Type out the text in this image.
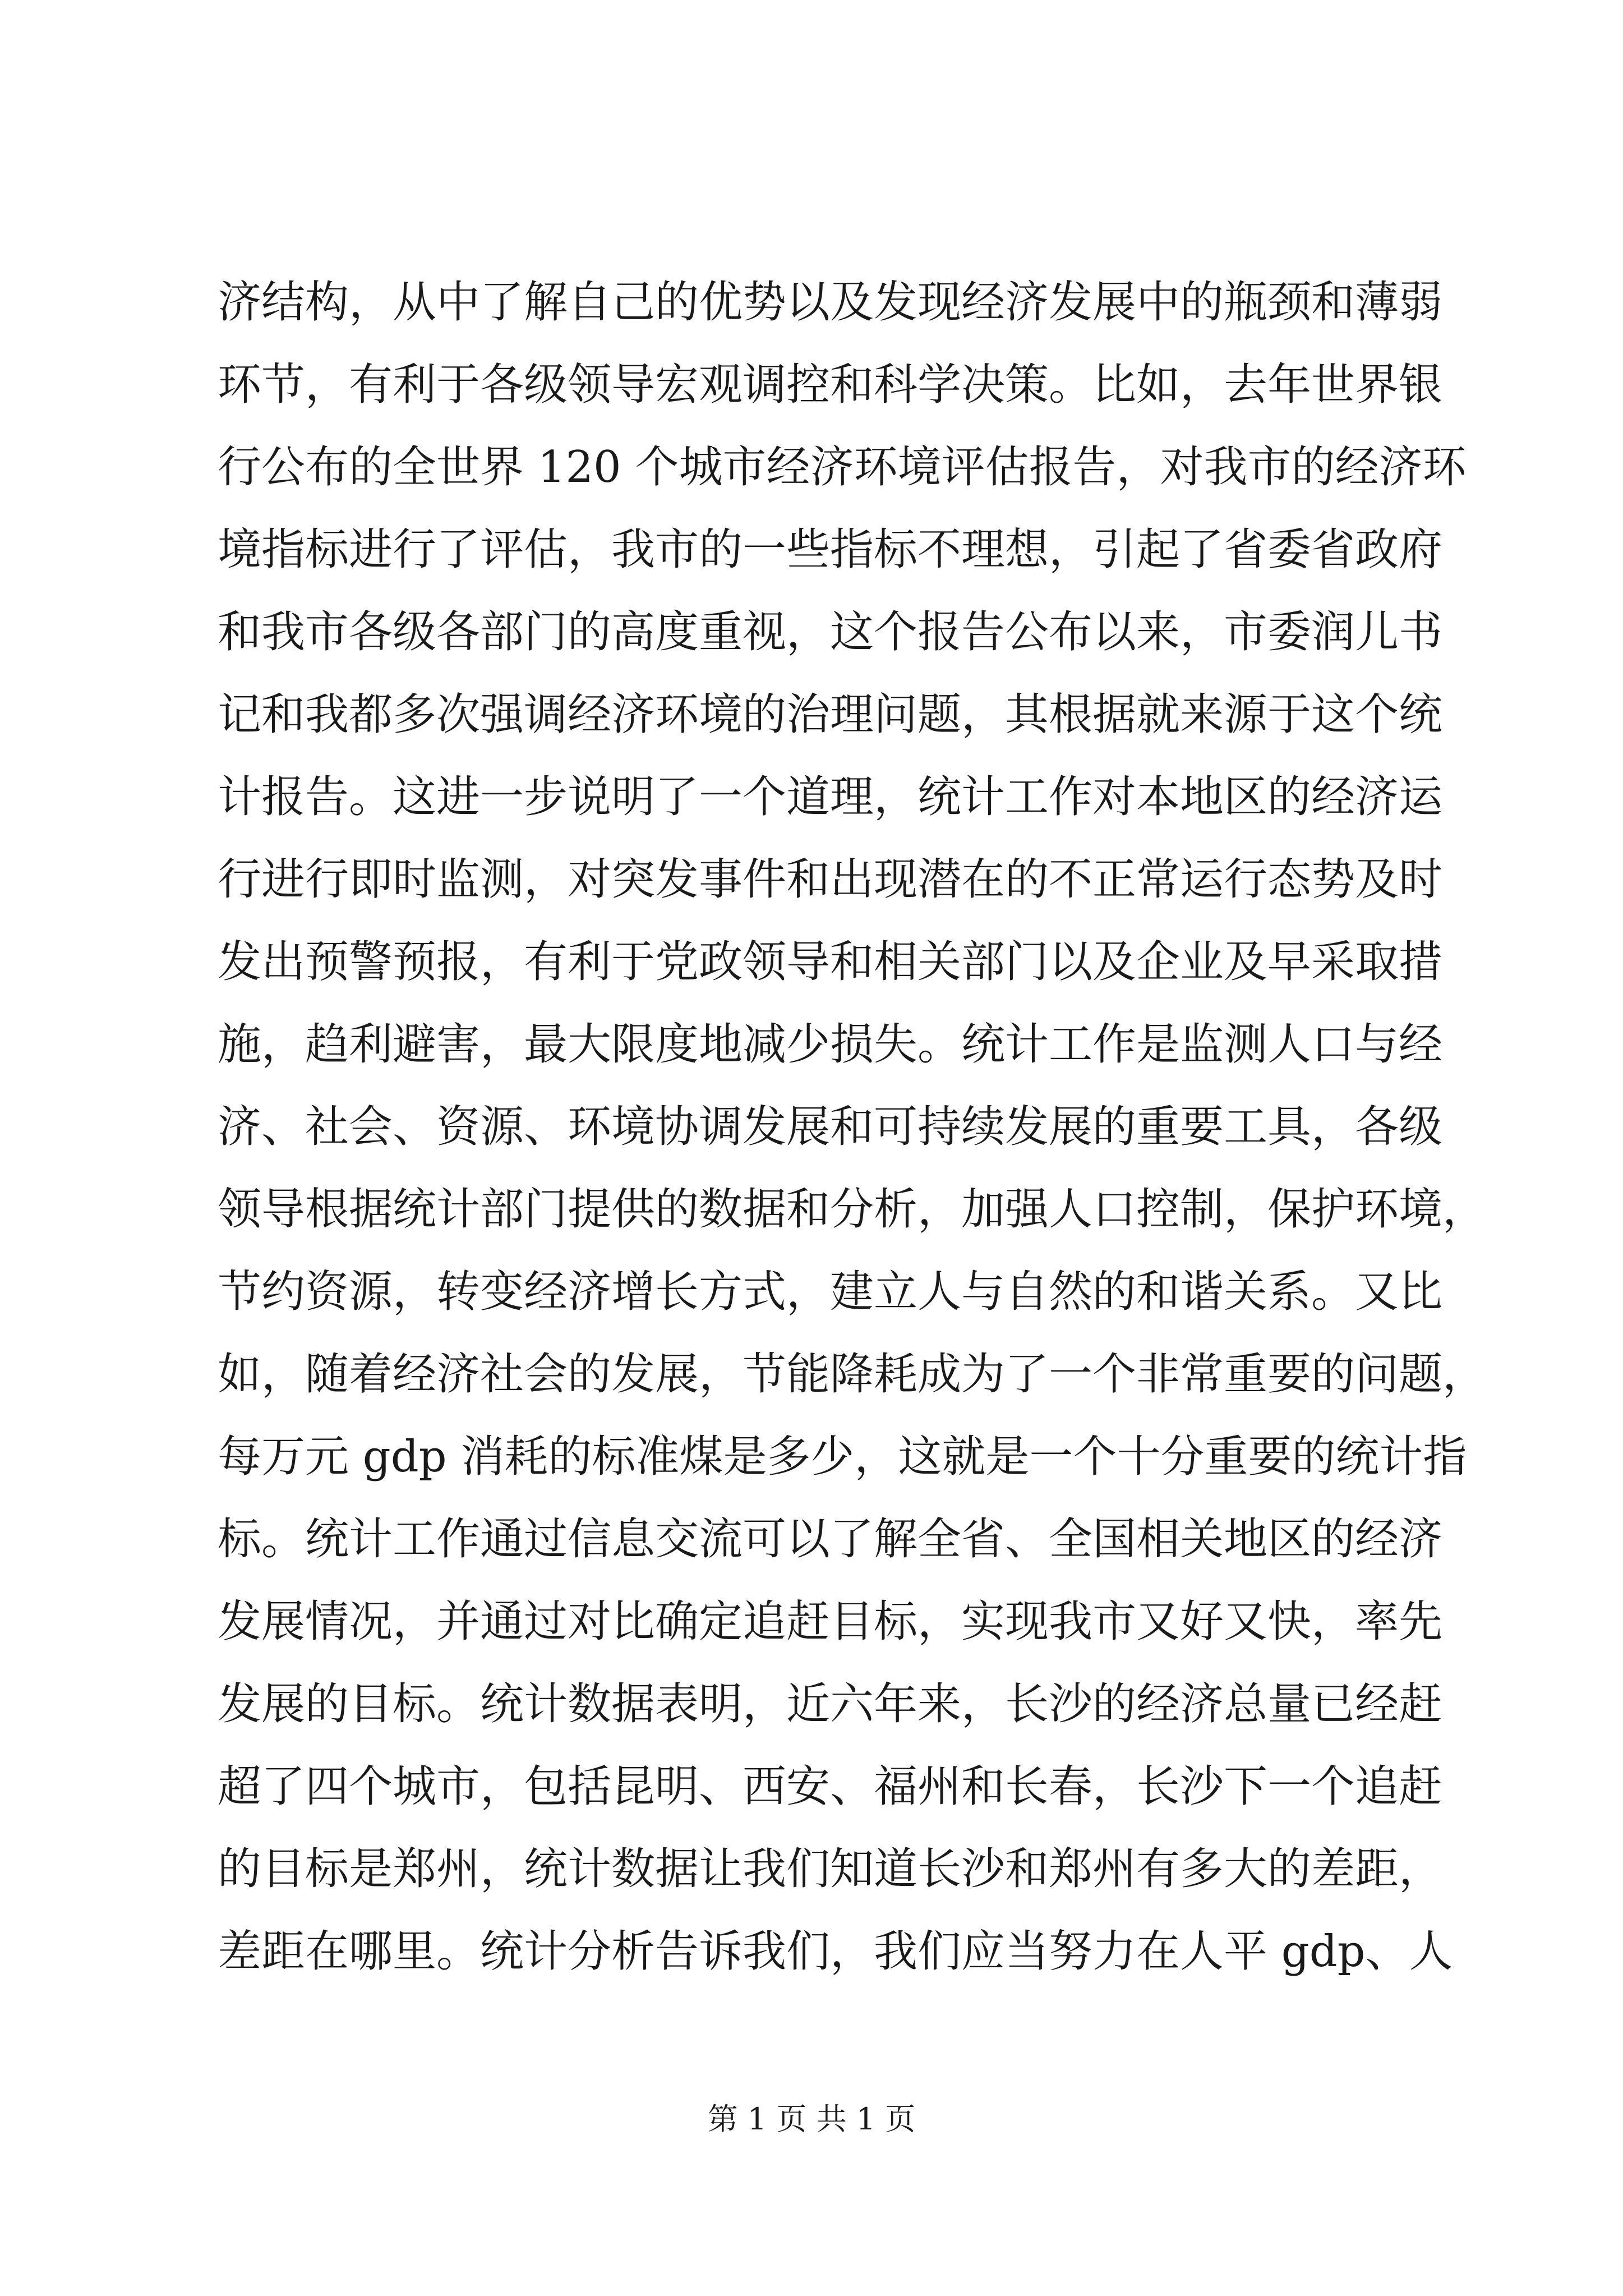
济结构，从中了解自己的优势以及发现经济发展中的瓶颈和薄弱
环节，有利于各级领导宏观调控和科学决策。比如，去年世界银
行公布的全世界 120 个城市经济环境评估报告，对我市的经济环
境指标进行了评估，我市的一些指标不理想，引起了省委省政府
和我市各级各部门的高度重视，这个报告公布以来，市委润儿书
记和我都多次强调经济环境的治理问题，其根据就来源于这个统
计报告。这进一步说明了一个道理，统计工作对本地区的经济运
行进行即时监测，对突发事件和出现潜在的不正常运行态势及时
发出预警预报，有利于党政领导和相关部门以及企业及早采取措
施，趋利避害，最大限度地减少损失。统计工作是监测人口与经
济、社会、资源、环境协调发展和可持续发展的重要工具，各级
领导根据统计部门提供的数据和分析，加强人口控制，保护环境，
节约资源，转变经济增长方式，建立人与自然的和谐关系。又比
如，随着经济社会的发展，节能降耗成为了一个非常重要的问题，
每万元 gdp 消耗的标准煤是多少，这就是一个十分重要的统计指
标。统计工作通过信息交流可以了解全省、全国相关地区的经济
发展情况，并通过对比确定追赶目标，实现我市又好又快，率先
发展的目标。统计数据表明，近六年来，长沙的经济总量已经赶
超了四个城市，包括昆明、西安、福州和长春，长沙下一个追赶
的目标是郑州，统计数据让我们知道长沙和郑州有多大的差距，
差距在哪里。统计分析告诉我们，我们应当努力在人平 gdp、人
第 1 页 共 1 页
